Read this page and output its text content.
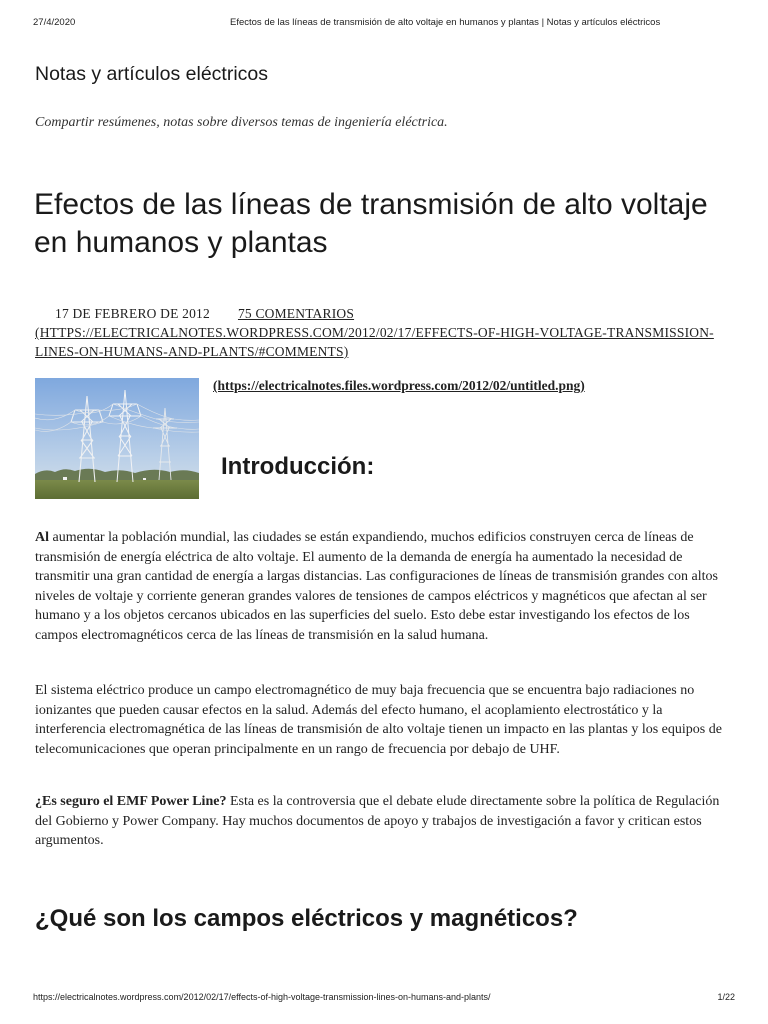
27/4/2020	Efectos de las líneas de transmisión de alto voltaje en humanos y plantas | Notas y artículos eléctricos
Notas y artículos eléctricos

Compartir resúmenes, notas sobre diversos temas de ingeniería eléctrica.

Efectos de las líneas de transmisión de alto voltaje en humanos y plantas
17 DE FEBRERO DE 2012 75 COMENTARIOS
(HTTPS://ELECTRICALNOTES.WORDPRESS.COM/2012/02/17/EFFECTS-OF-HIGH-VOLTAGE-TRANSMISSION-LINES-ON-HUMANS-AND-PLANTS/#COMMENTS)
(https://electricalnotes.files.wordpress.com/2012/02/untitled.png)
Introducción:

Al aumentar la población mundial, las ciudades se están expandiendo, muchos edificios construyen cerca de líneas de transmisión de energía eléctrica de alto voltaje. El aumento de la demanda de energía ha aumentado la necesidad de transmitir una gran cantidad de energía a largas distancias. Las configuraciones de líneas de transmisión grandes con altos niveles de voltaje y corriente generan grandes valores de tensiones de campos eléctricos y magnéticos que afectan al ser humano y a los objetos cercanos ubicados en las superficies del suelo. Esto debe estar investigando los efectos de los campos electromagnéticos cerca de las líneas de transmisión en la salud humana.

El sistema eléctrico produce un campo electromagnético de muy baja frecuencia que se encuentra bajo radiaciones no ionizantes que pueden causar efectos en la salud. Además del efecto humano, el acoplamiento electrostático y la interferencia electromagnética de las líneas de transmisión de alto voltaje tienen un impacto en las plantas y los equipos de telecomunicaciones que operan principalmente en un rango de frecuencia por debajo de UHF.

¿Es seguro el EMF Power Line? Esta es la controversia que el debate elude directamente sobre la política de Regulación del Gobierno y Power Company. Hay muchos documentos de apoyo y trabajos de investigación a favor y critican estos argumentos.

¿Qué son los campos eléctricos y magnéticos?
https://electricalnotes.wordpress.com/2012/02/17/effects-of-high-voltage-transmission-lines-on-humans-and-plants/	1/22
